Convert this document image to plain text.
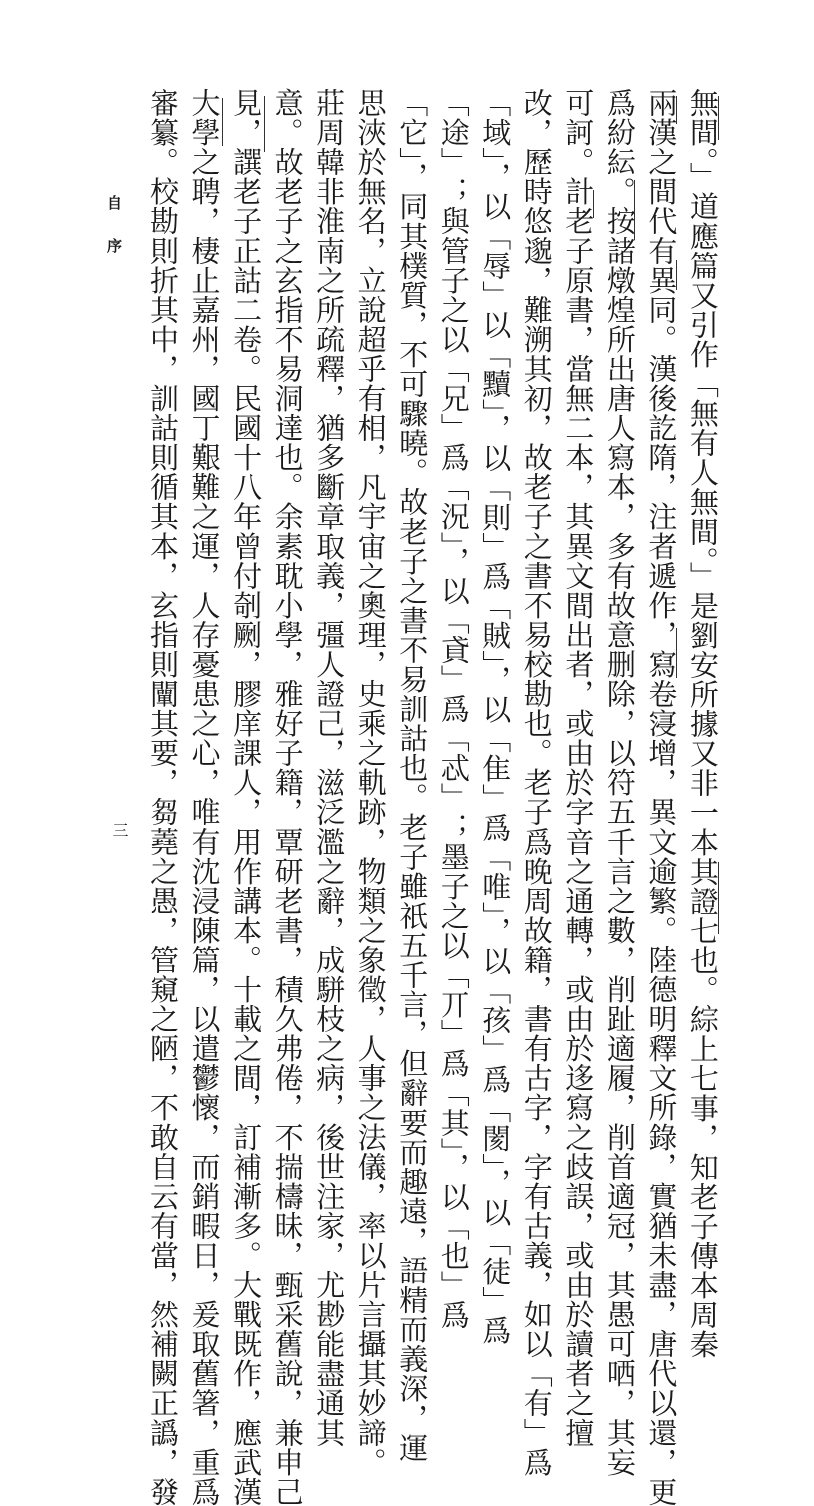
自序	無間。」道應篇又引作「無有人無間。」是劉安所據又非一本其證七也。綜上七事，知老子傳本周秦
兩漢之間代有異同。漢後訖隋，注者遞作，寫卷寖增，異文逾繁。陸德明釋文所錄，實猶未盡，唐代以還，更
爲紛紜。按諸燉煌所出唐人寫本，多有故意删除，以符五千言之數，削趾適履，削首適冠，其愚可哂，其妄
可訶。計老子原書，當無二本，其異文間出者，或由於字音之通轉，或由於迻寫之歧誤，或由於讀者之擅
改，歷時悠邈，難溯其初，故老子之書不易校勘也。老子爲晚周故籍，書有古字，字有古義，如以「有」爲
「域」，以「辱」以「黷」，以「則」爲「賊」，以「隹」爲「唯」，以「孩」爲「閡」，以「徒」爲
「途」；與管子之以「兄」爲「況」，以「貣」爲「忒」；墨子之以「丌」爲「其」，以「也」爲
「它」，同其樸質，不可驟曉。故老子之書不易訓詁也。老子雖祇五千言，但辭要而趣遠，語精而義深，運
思浹於無名，立說超乎有相，凡宇宙之奧理，史乘之軌跡，物類之象徵，人事之法儀，率以片言攝其妙諦。
莊周韓非淮南之所疏釋，猶多斷章取義，彊人證己，滋泛濫之辭，成駢枝之病，後世注家，尤尠能盡通其
意。故老子之玄指不易洞達也。余素耽小學，雅好子籍，覃研老書，積久弗倦，不揣檮昧，甄采舊說，兼申己
見，譔老子正詁二卷。民國十八年曾付剞劂，膠庠課人，用作講本。十載之間，訂補漸多。大戰既作，應武漢
大學之聘，棲止嘉州，國丁艱難之運，人存憂患之心，唯有沈浸陳篇，以遣鬱懷，而銷暇日，爰取舊箸，重爲
審纂。校勘則折其中，訓詁則循其本，玄指則闡其要，芻蕘之愚，管窺之陋，不敢自云有當，然補闕正譌，發
三
